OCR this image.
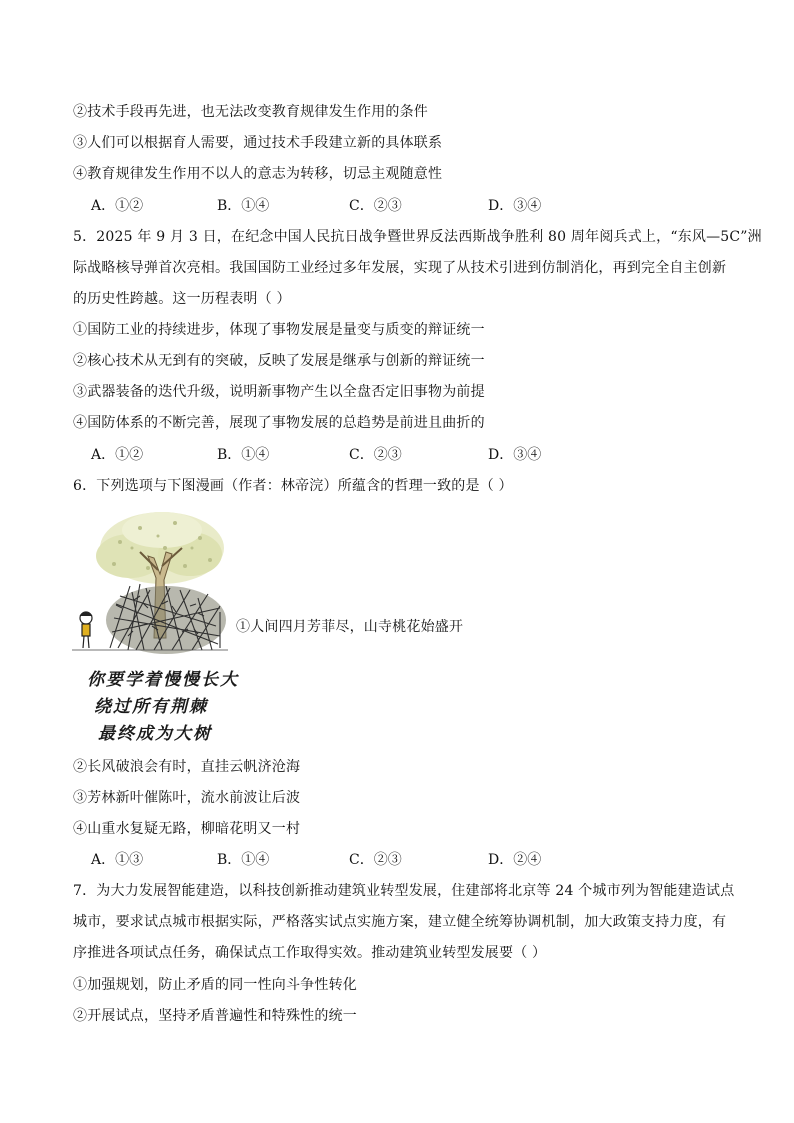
②技术手段再先进，也无法改变教育规律发生作用的条件
③人们可以根据育人需要，通过技术手段建立新的具体联系
④教育规律发生作用不以人的意志为转移，切忌主观随意性
A．①②	B．①④	C．②③	D．③④
5．2025 年 9 月 3 日，在纪念中国人民抗日战争暨世界反法西斯战争胜利 80 周年阅兵式上，“东风—5C”洲
际战略核导弹首次亮相。我国国防工业经过多年发展，实现了从技术引进到仿制消化，再到完全自主创新
的历史性跨越。这一历程表明（ ）
①国防工业的持续进步，体现了事物发展是量变与质变的辩证统一
②核心技术从无到有的突破，反映了发展是继承与创新的辩证统一
③武器装备的迭代升级，说明新事物产生以全盘否定旧事物为前提
④国防体系的不断完善，展现了事物发展的总趋势是前进且曲折的
A．①②	B．①④	C．②③	D．③④
6．下列选项与下图漫画（作者：林帝浣）所蕴含的哲理一致的是（ ）
①人间四月芳菲尽，山寺桃花始盛开
你要学着慢慢长大
绕过所有荆棘
最终成为大树
②长风破浪会有时，直挂云帆济沧海
③芳林新叶催陈叶，流水前波让后波
④山重水复疑无路，柳暗花明又一村
A．①③	B．①④	C．②③	D．②④
7．为大力发展智能建造，以科技创新推动建筑业转型发展，住建部将北京等 24 个城市列为智能建造试点
城市，要求试点城市根据实际，严格落实试点实施方案，建立健全统筹协调机制，加大政策支持力度，有
序推进各项试点任务，确保试点工作取得实效。推动建筑业转型发展要（ ）
①加强规划，防止矛盾的同一性向斗争性转化
②开展试点，坚持矛盾普遍性和特殊性的统一
